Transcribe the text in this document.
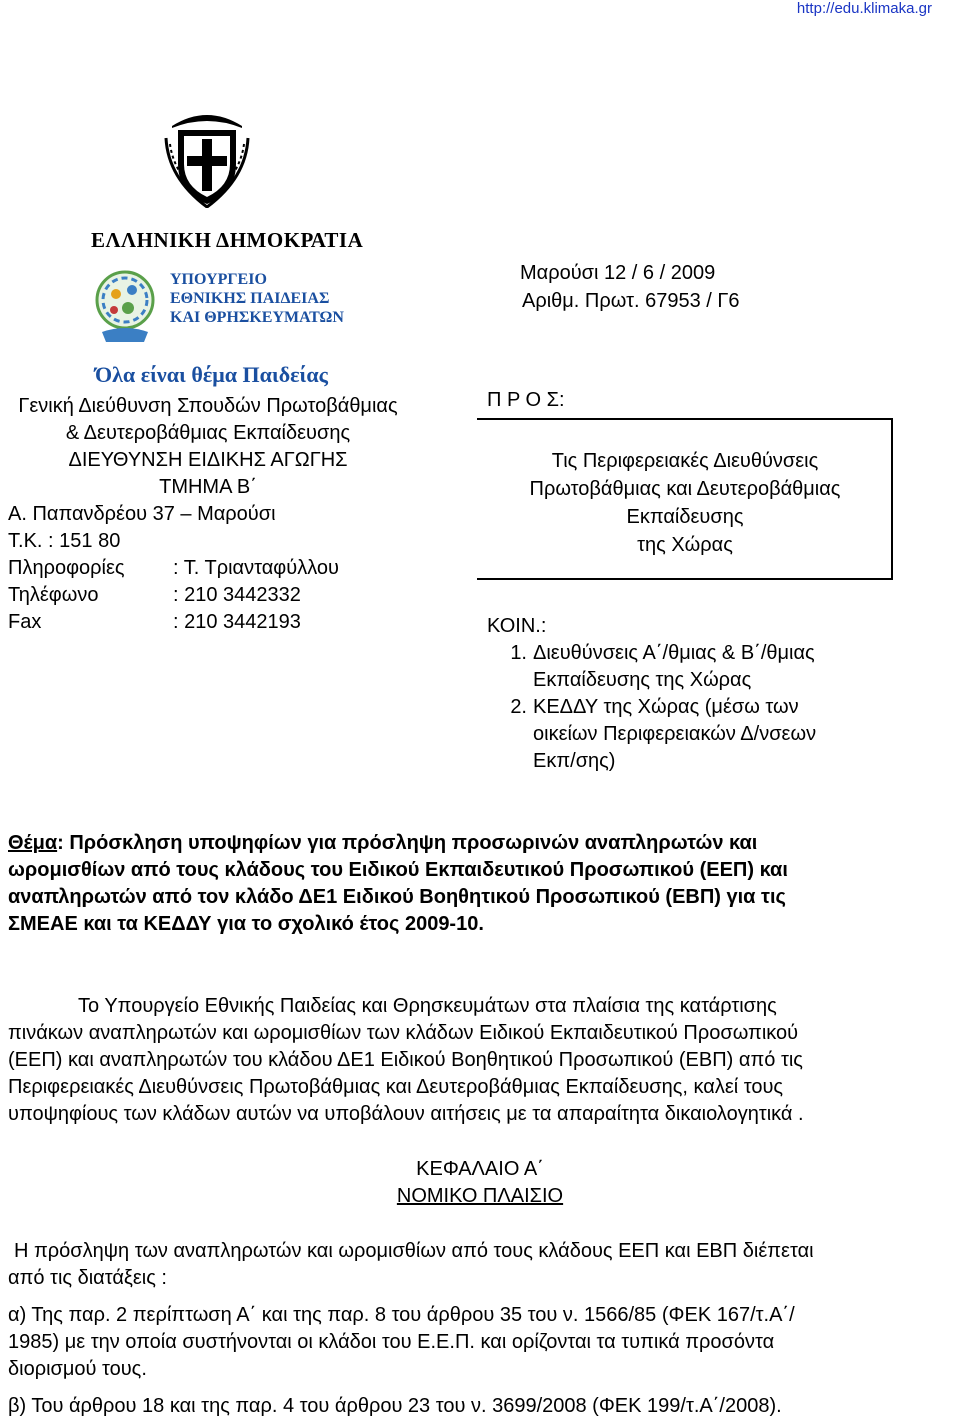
http://edu.klimaka.gr
ΕΛΛΗΝΙΚΗ ΔΗΜΟΚΡΑΤΙΑ
ΥΠΟΥΡΓΕΙΟ
ΕΘΝΙΚΗΣ ΠΑΙΔΕΙΑΣ
ΚΑΙ ΘΡΗΣΚΕΥΜΑΤΩΝ
Όλα είναι θέμα Παιδείας
Μαρούσι 12 / 6 / 2009
Αριθμ. Πρωτ. 67953 / Γ6
Γενική Διεύθυνση Σπουδών Πρωτοβάθμιας
& Δευτεροβάθμιας Εκπαίδευσης
ΔΙΕΥΘΥΝΣΗ ΕΙΔΙΚΗΣ ΑΓΩΓΗΣ
ΤΜΗΜΑ Β΄
Α. Παπανδρέου 37 – Μαρούσι
Τ.Κ. : 151 80
Πληροφορίες	: Τ. Τριανταφύλλου
Τηλέφωνο	: 210 3442332
Fax	: 210 3442193
Π Ρ Ο Σ:
Τις Περιφερειακές Διευθύνσεις
Πρωτοβάθμιας και Δευτεροβάθμιας
Εκπαίδευσης
της Χώρας
ΚΟΙΝ.:
1. Διευθύνσεις Α΄/θμιας & Β΄/θμιας
Εκπαίδευσης της Χώρας
2. ΚΕΔΔΥ της Χώρας (μέσω των
οικείων Περιφερειακών Δ/νσεων
Εκπ/σης)
Θέμα: Πρόσκληση υποψηφίων για πρόσληψη προσωρινών αναπληρωτών και
ωρομισθίων από τους κλάδους του Ειδικού Εκπαιδευτικού Προσωπικού (ΕΕΠ) και
αναπληρωτών από τον κλάδο ΔΕ1 Ειδικού Βοηθητικού Προσωπικού (ΕΒΠ) για τις
ΣΜΕΑΕ και τα ΚΕΔΔΥ για το σχολικό έτος 2009-10.
Το Υπουργείο Εθνικής Παιδείας και Θρησκευμάτων στα πλαίσια της κατάρτισης
πινάκων αναπληρωτών και ωρομισθίων των κλάδων Ειδικού Εκπαιδευτικού Προσωπικού
(ΕΕΠ) και αναπληρωτών του κλάδου ΔΕ1 Ειδικού Βοηθητικού Προσωπικού (ΕΒΠ) από τις
Περιφερειακές Διευθύνσεις Πρωτοβάθμιας και Δευτεροβάθμιας Εκπαίδευσης, καλεί τους
υποψηφίους των κλάδων αυτών να υποβάλουν αιτήσεις με τα απαραίτητα δικαιολογητικά .
ΚΕΦΑΛΑΙΟ Α΄
ΝΟΜΙΚΟ ΠΛΑΙΣΙΟ
Η πρόσληψη των αναπληρωτών και ωρομισθίων από τους κλάδους ΕΕΠ και ΕΒΠ διέπεται
από τις διατάξεις :
α) Της παρ. 2 περίπτωση Α΄ και της παρ. 8 του άρθρου 35 του ν. 1566/85 (ΦΕΚ 167/τ.Α΄/
1985) με την οποία συστήνονται οι κλάδοι του Ε.Ε.Π. και ορίζονται τα τυπικά προσόντα
διορισμού τους.
β) Του άρθρου 18 και της παρ. 4 του άρθρου 23 του ν. 3699/2008 (ΦΕΚ 199/τ.Α΄/2008).
